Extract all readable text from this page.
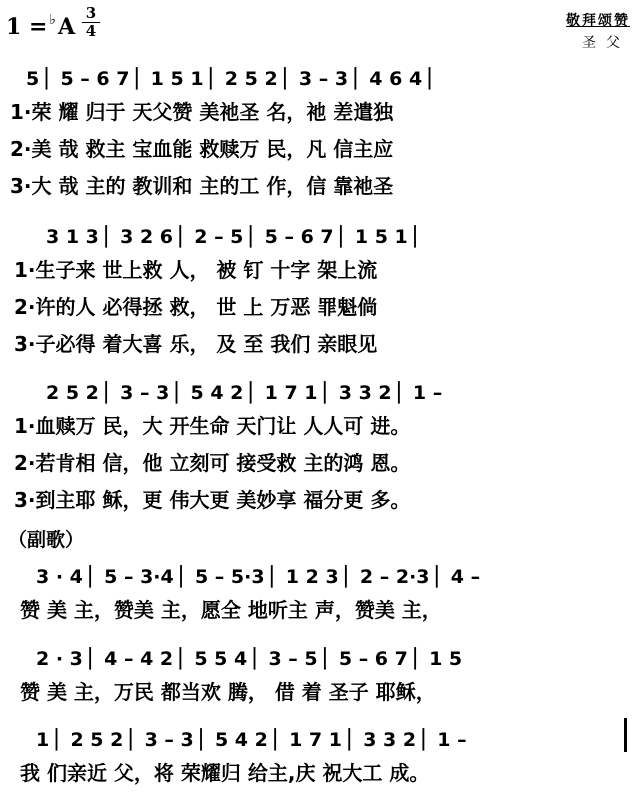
1 = ♭ A
3
4
敬拜颂赞
圣父
5 ▏5 – 6 7 ▏1 5 1 ▏2 5 2 ▏3 – 3 ▏4 6 4 ▏
1·荣 耀 归于 天父赞 美祂圣 名，祂 差遣独
2·美 哉 救主 宝血能 救赎万 民，凡 信主应
3·大 哉 主的 教训和 主的工 作，信 靠祂圣
3 1 3 ▏3 2 6 ▏2 – 5 ▏5 – 6 7 ▏1 5 1 ▏
1·生子来 世上救 人， 被 钉 十字 架上流
2·许的人 必得拯 救， 世 上 万恶 罪魁倘
3·子必得 着大喜 乐， 及 至 我们 亲眼见
2 5 2 ▏3 – 3 ▏5 4 2 ▏1 7 1 ▏3 3 2 ▏1 –
1·血赎万 民，大 开生命 天门让 人人可 进。
2·若肯相 信，他 立刻可 接受救 主的鸿 恩。
3·到主耶 稣，更 伟大更 美妙享 福分更 多。
（副歌）
3 · 4 ▏5 – 3·4 ▏5 – 5·3 ▏1 2 3 ▏2 – 2·3 ▏4 –
赞 美 主，赞美 主，愿全 地听主 声，赞美 主，
2 · 3 ▏4 – 4 2 ▏5 5 4 ▏3 – 5 ▏5 – 6 7 ▏1 5
赞 美 主，万民 都当欢 腾， 借 着 圣子 耶稣，
1 ▏2 5 2 ▏3 – 3 ▏5 4 2 ▏1 7 1 ▏3 3 2 ▏1 –
我 们亲近 父，将 荣耀归 给主,庆 祝大工 成。
